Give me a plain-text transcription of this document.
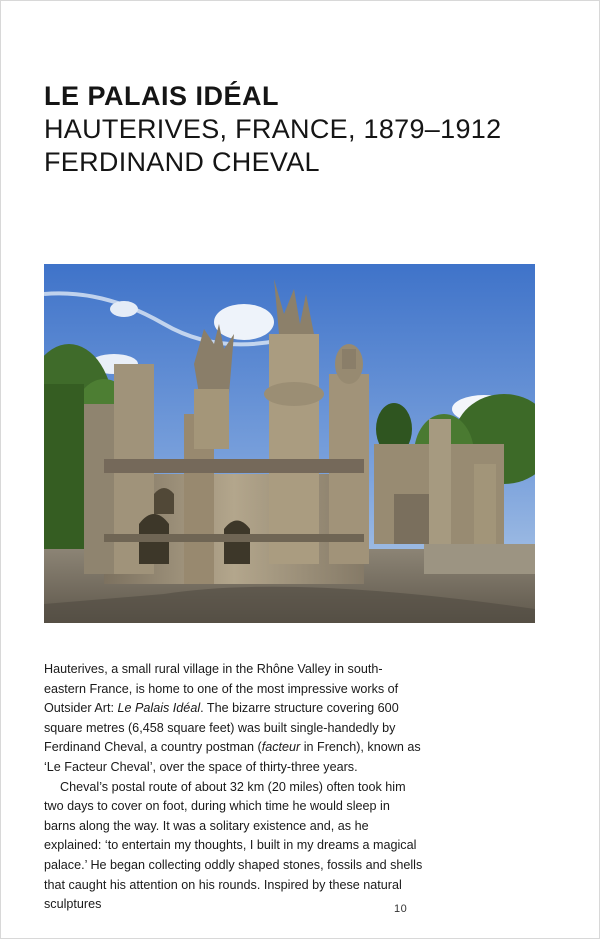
LE PALAIS IDÉAL
HAUTERIVES, FRANCE, 1879–1912
FERDINAND CHEVAL

Hauterives, a small rural village in the Rhône Valley in south-eastern France, is home to one of the most impressive works of Outsider Art: Le Palais Idéal. The bizarre structure covering 600 square metres (6,458 square feet) was built single-handedly by Ferdinand Cheval, a country postman (facteur in French), known as ‘Le Facteur Cheval’, over the space of thirty-three years.

Cheval’s postal route of about 32 km (20 miles) often took him two days to cover on foot, during which time he would sleep in barns along the way. It was a solitary existence and, as he explained: ‘to entertain my thoughts, I built in my dreams a magical palace.’ He began collecting oddly shaped stones, fossils and shells that caught his attention on his rounds. Inspired by these natural sculptures	10
